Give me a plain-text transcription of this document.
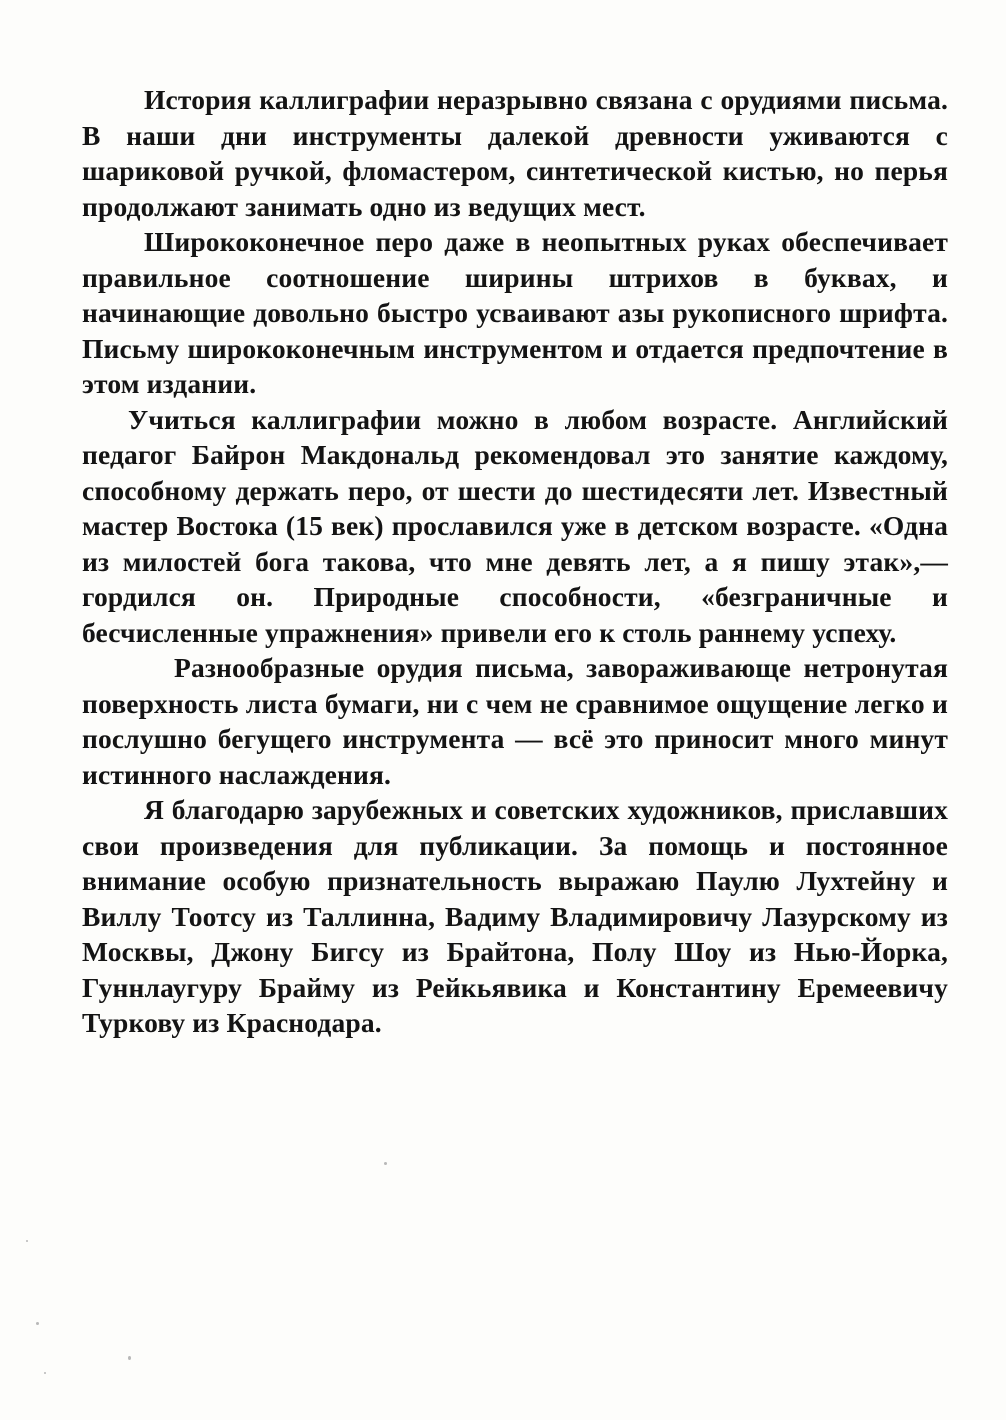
История каллиграфии неразрывно связана с орудиями письма. В наши дни инструменты далекой древности уживаются с шариковой ручкой, фломастером, синтетической кистью, но перья продолжают занимать одно из ведущих мест.

Ширококонечное перо даже в неопытных руках обеспечивает правильное соотношение ширины штрихов в буквах, и начинающие довольно быстро усваивают азы рукописного шрифта. Письму ширококонечным инструментом и отдается предпочтение в этом издании.

Учиться каллиграфии можно в любом возрасте. Английский педагог Байрон Макдональд рекомендовал это занятие каждому, способному держать перо, от шести до шестидесяти лет. Известный мастер Востока (15 век) прославился уже в детском возрасте. «Одна из милостей бога такова, что мне девять лет, а я пишу этак»,— гордился он. Природные способности, «безграничные и бесчисленные упражнения» привели его к столь раннему успеху.

Разнообразные орудия письма, завораживающе нетронутая поверхность листа бумаги, ни с чем не сравнимое ощущение легко и послушно бегущего инструмента — всё это приносит много минут истинного наслаждения.

Я благодарю зарубежных и советских художников, приславших свои произведения для публикации. За помощь и постоянное внимание особую признательность выражаю Паулю Лухтейну и Виллу Тоотсу из Таллинна, Вадиму Владимировичу Лазурскому из Москвы, Джону Бигсу из Брайтона, Полу Шоу из Нью-Йорка, Гуннлаугуру Брайму из Рейкьявика и Константину Еремеевичу Туркову из Краснодара.
